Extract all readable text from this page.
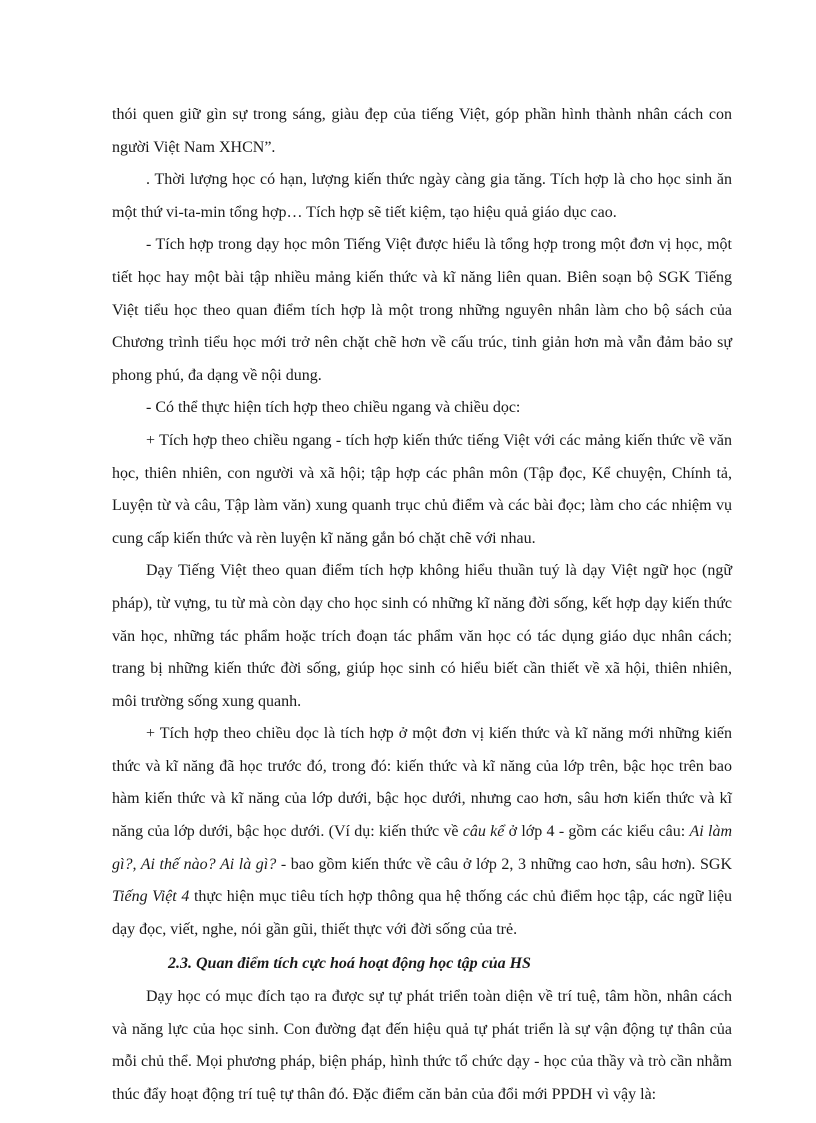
thói quen giữ gìn sự trong sáng, giàu đẹp của tiếng Việt, góp phần hình thành nhân cách con người Việt Nam XHCN”.

. Thời lượng học có hạn, lượng kiến thức ngày càng gia tăng. Tích hợp là cho học sinh ăn một thứ vi-ta-min tổng hợp… Tích hợp sẽ tiết kiệm, tạo hiệu quả giáo dục cao.

- Tích hợp trong dạy học môn Tiếng Việt được hiểu là tổng hợp trong một đơn vị học, một tiết học hay một bài tập nhiều mảng kiến thức và kĩ năng liên quan. Biên soạn bộ SGK Tiếng Việt tiểu học theo quan điểm tích hợp là một trong những nguyên nhân làm cho bộ sách của Chương trình tiểu học mới trở nên chặt chẽ hơn về cấu trúc, tinh giản hơn mà vẫn đảm bảo sự phong phú, đa dạng về nội dung.

- Có thể thực hiện tích hợp theo chiều ngang và chiều dọc:

+ Tích hợp theo chiều ngang - tích hợp kiến thức tiếng Việt với các mảng kiến thức về văn học, thiên nhiên, con người và xã hội; tập hợp các phân môn (Tập đọc, Kể chuyện, Chính tả, Luyện từ và câu, Tập làm văn) xung quanh trục chủ điểm và các bài đọc; làm cho các nhiệm vụ cung cấp kiến thức và rèn luyện kĩ năng gắn bó chặt chẽ với nhau.

Dạy Tiếng Việt theo quan điểm tích hợp không hiểu thuần tuý là dạy Việt ngữ học (ngữ pháp), từ vựng, tu từ mà còn dạy cho học sinh có những kĩ năng đời sống, kết hợp dạy kiến thức văn học, những tác phẩm hoặc trích đoạn tác phẩm văn học có tác dụng giáo dục nhân cách; trang bị những kiến thức đời sống, giúp học sinh có hiểu biết cần thiết về xã hội, thiên nhiên, môi trường sống xung quanh.

+ Tích hợp theo chiều dọc là tích hợp ở một đơn vị kiến thức và kĩ năng mới những kiến thức và kĩ năng đã học trước đó, trong đó: kiến thức và kĩ năng của lớp trên, bậc học trên bao hàm kiến thức và kĩ năng của lớp dưới, bậc học dưới, nhưng cao hơn, sâu hơn kiến thức và kĩ năng của lớp dưới, bậc học dưới. (Ví dụ: kiến thức về câu kể ở lớp 4 - gồm các kiểu câu: Ai làm gì?, Ai thế nào? Ai là gì? - bao gồm kiến thức về câu ở lớp 2, 3 những cao hơn, sâu hơn). SGK Tiếng Việt 4 thực hiện mục tiêu tích hợp thông qua hệ thống các chủ điểm học tập, các ngữ liệu dạy đọc, viết, nghe, nói gần gũi, thiết thực với đời sống của trẻ.

2.3. Quan điểm tích cực hoá hoạt động học tập của HS

Dạy học có mục đích tạo ra được sự tự phát triển toàn diện về trí tuệ, tâm hồn, nhân cách và năng lực của học sinh. Con đường đạt đến hiệu quả tự phát triển là sự vận động tự thân của mỗi chủ thể. Mọi phương pháp, biện pháp, hình thức tổ chức dạy - học của thầy và trò cần nhằm thúc đẩy hoạt động trí tuệ tự thân đó. Đặc điểm căn bản của đổi mới PPDH vì vậy là:
